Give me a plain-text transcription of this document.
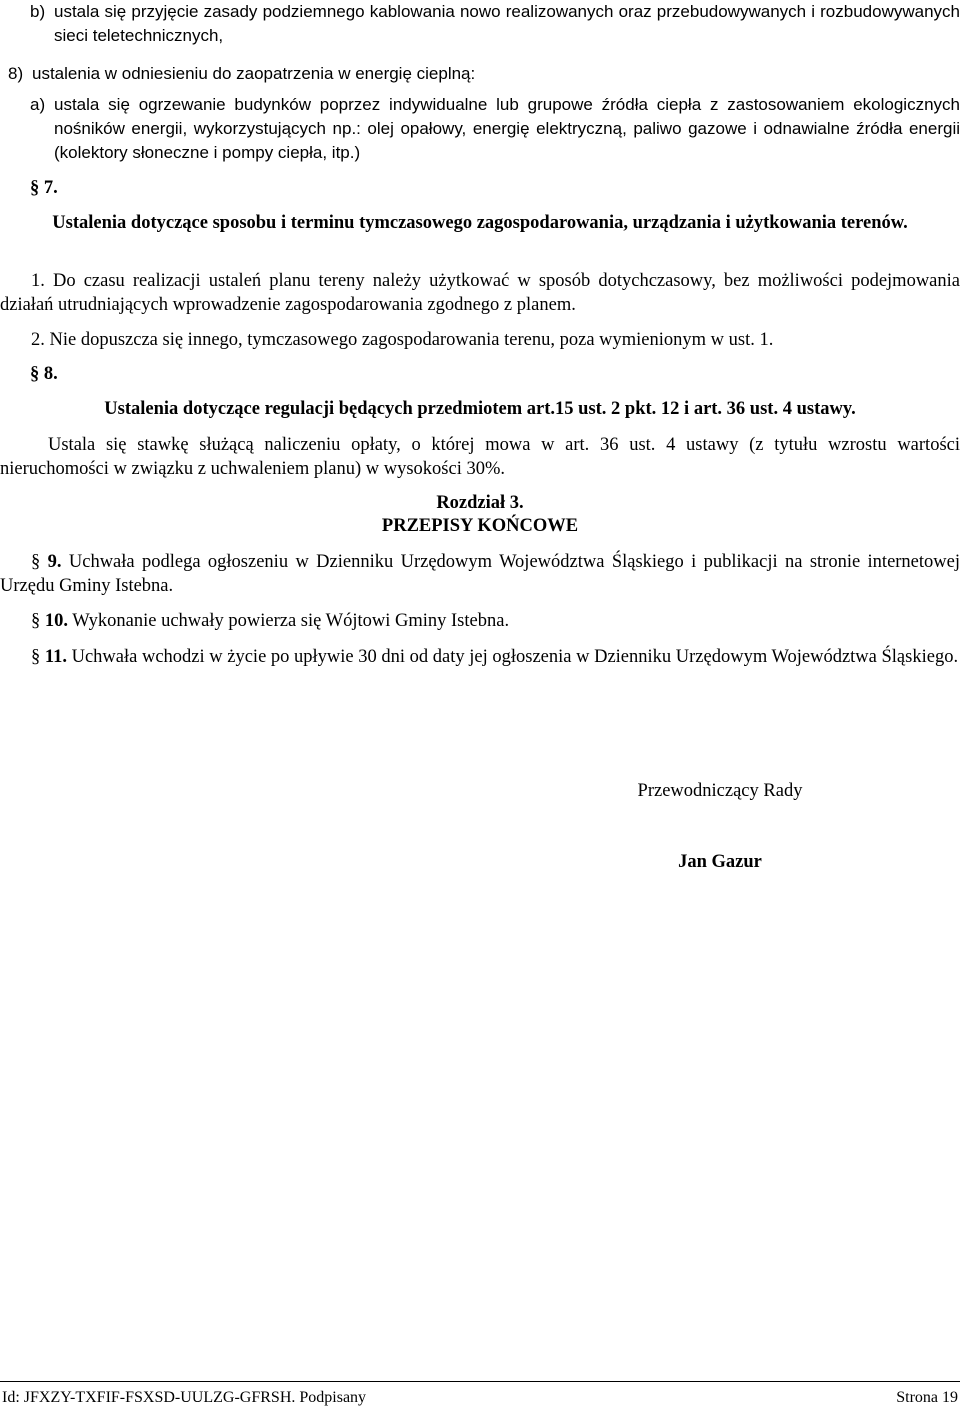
b) ustala się przyjęcie zasady podziemnego kablowania nowo realizowanych oraz przebudowywanych i rozbudowywanych sieci teletechnicznych,
8) ustalenia w odniesieniu do zaopatrzenia w energię cieplną:
a) ustala się ogrzewanie budynków poprzez indywidualne lub grupowe źródła ciepła z zastosowaniem ekologicznych nośników energii, wykorzystujących np.: olej opałowy, energię elektryczną, paliwo gazowe i odnawialne źródła energii (kolektory słoneczne i pompy ciepła, itp.)
§ 7.
Ustalenia dotyczące sposobu i terminu tymczasowego zagospodarowania, urządzania i użytkowania terenów.
1. Do czasu realizacji ustaleń planu tereny należy użytkować w sposób dotychczasowy, bez możliwości podejmowania działań utrudniających wprowadzenie zagospodarowania zgodnego z planem.
2. Nie dopuszcza się innego, tymczasowego zagospodarowania terenu, poza wymienionym w ust. 1.
§ 8.
Ustalenia dotyczące regulacji będących przedmiotem art.15 ust. 2 pkt. 12 i art. 36 ust. 4 ustawy.
Ustala się stawkę służącą naliczeniu opłaty, o której mowa w art. 36 ust. 4 ustawy (z tytułu wzrostu wartości nieruchomości w związku z uchwaleniem planu) w wysokości 30%.
Rozdział 3.
PRZEPISY KOŃCOWE
§ 9. Uchwała podlega ogłoszeniu w Dzienniku Urzędowym Województwa Śląskiego i publikacji na stronie internetowej Urzędu Gminy Istebna.
§ 10. Wykonanie uchwały powierza się Wójtowi Gminy Istebna.
§ 11. Uchwała wchodzi w życie po upływie 30 dni od daty jej ogłoszenia w Dzienniku Urzędowym Województwa Śląskiego.
Przewodniczący Rady
Jan Gazur
Id: JFXZY-TXFIF-FSXSD-UULZG-GFRSH. Podpisany	Strona 19
